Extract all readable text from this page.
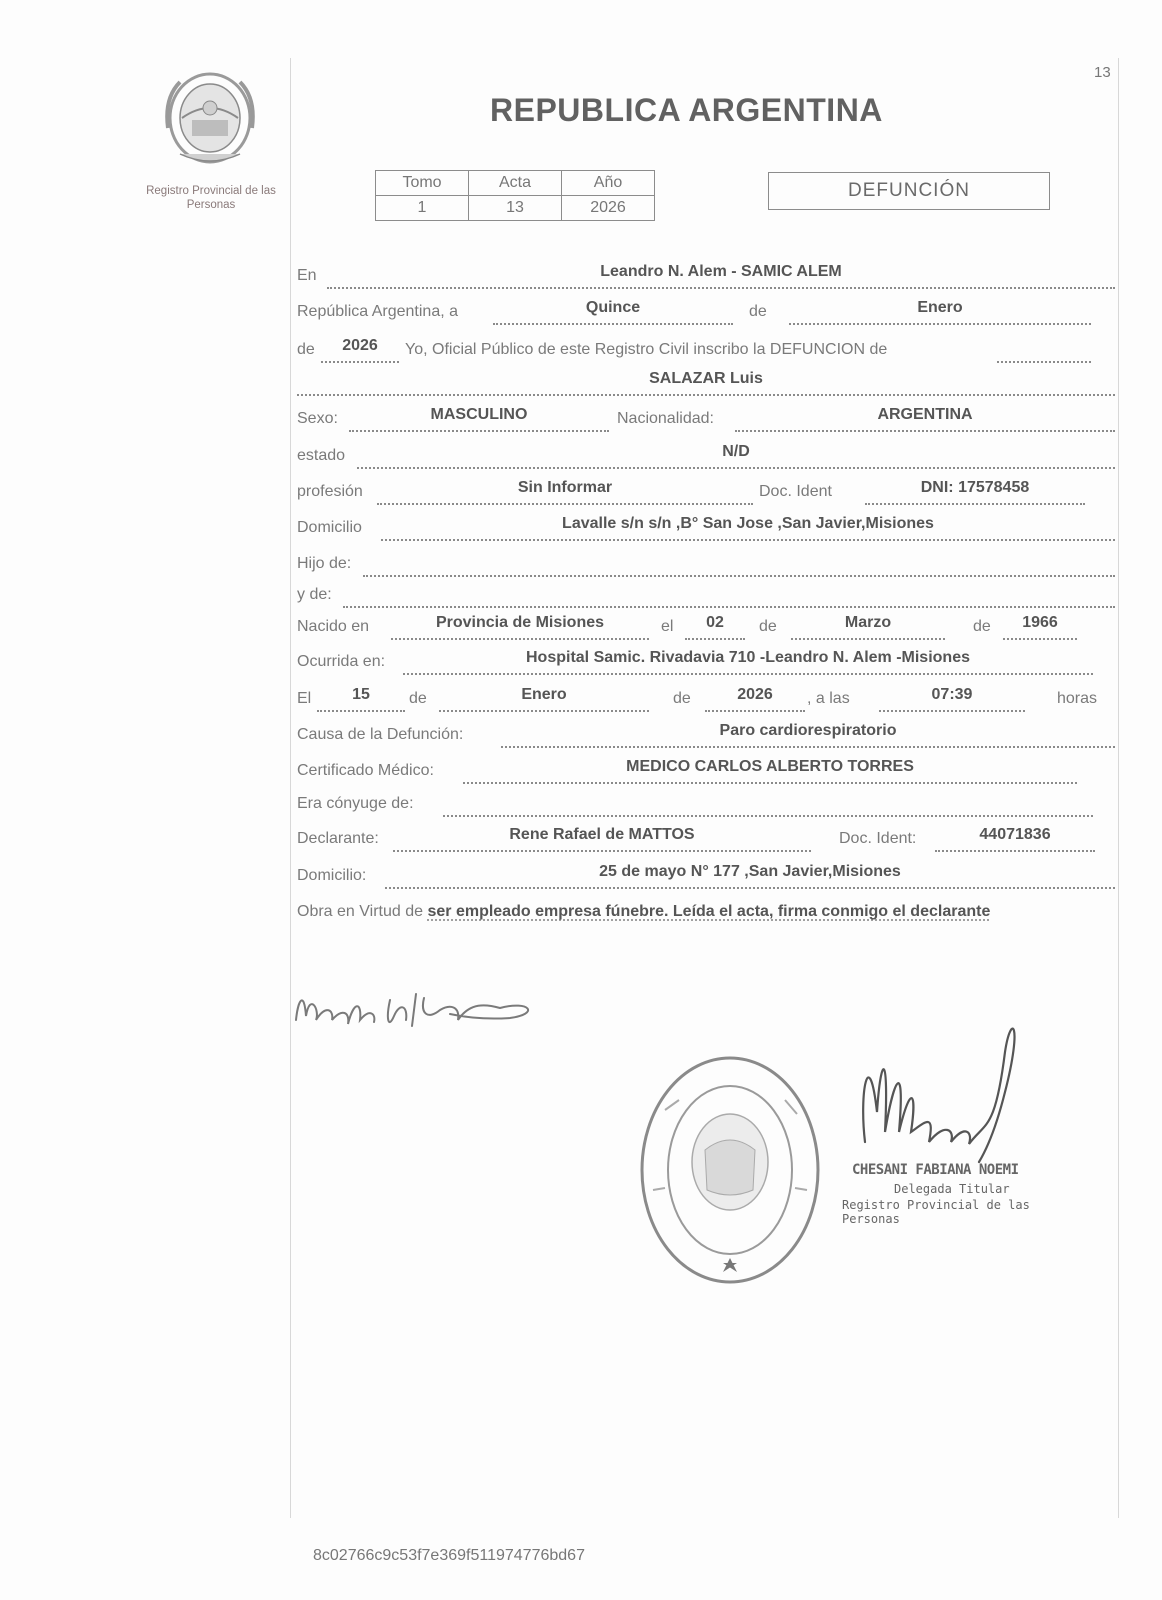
13
Registro Provincial de las Personas
REPUBLICA ARGENTINA
Tomo	Acta	Año
1	13	2026
DEFUNCIÓN
En	Leandro N. Alem - SAMIC ALEM
República Argentina, a	Quince	de	Enero
de	2026	Yo, Oficial Público de este Registro Civil inscribo la DEFUNCION de
SALAZAR Luis
Sexo:	MASCULINO	Nacionalidad:	ARGENTINA
estado	N/D
profesión	Sin Informar	Doc. Ident	DNI: 17578458
Domicilio	Lavalle s/n s/n ,B° San Jose ,San Javier,Misiones
Hijo de:
y de:
Nacido en	Provincia de Misiones	el	02	de	Marzo	de	1966
Ocurrida en:	Hospital Samic. Rivadavia 710 -Leandro N. Alem -Misiones
El	15	de	Enero	de	2026	, a las	07:39	horas
Causa de la Defunción:	Paro cardiorespiratorio
Certificado Médico:	MEDICO CARLOS ALBERTO TORRES
Era cónyuge de:
Declarante:	Rene Rafael de MATTOS	Doc. Ident:	44071836
Domicilio:	25 de mayo N° 177 ,San Javier,Misiones
Obra en Virtud de ser empleado empresa fúnebre. Leída el acta, firma conmigo el declarante
CHESANI FABIANA NOEMI
Delegada Titular
Registro Provincial de las Personas
8c02766c9c53f7e369f511974776bd67
